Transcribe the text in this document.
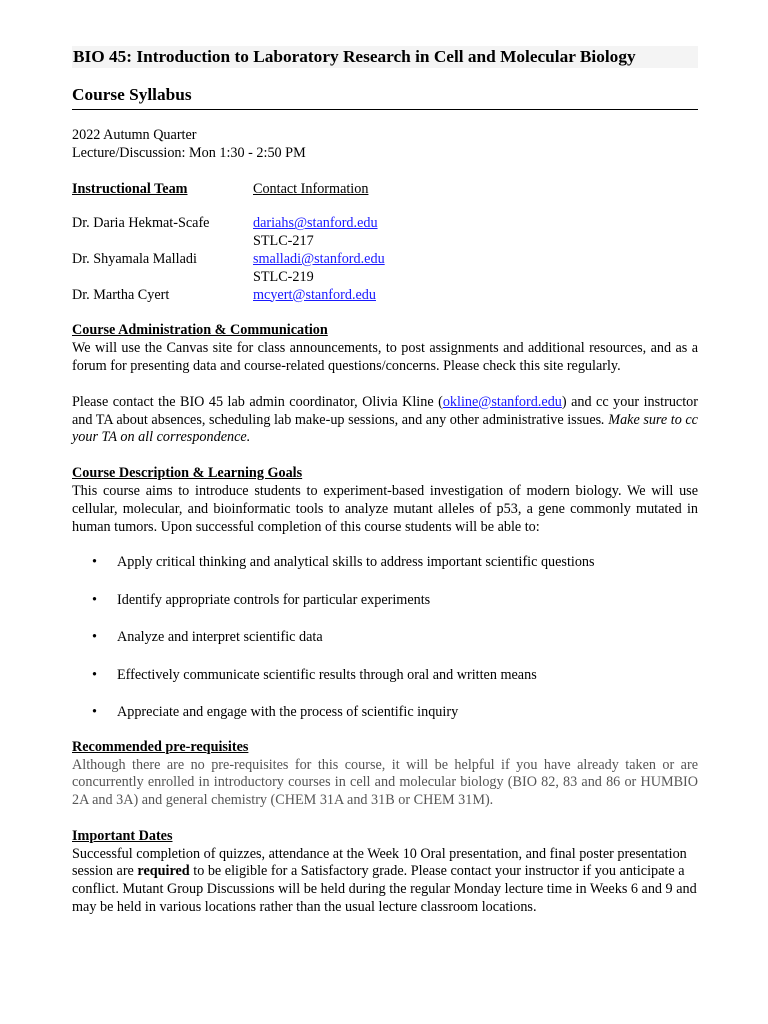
BIO 45: Introduction to Laboratory Research in Cell and Molecular Biology
Course Syllabus
2022 Autumn Quarter
Lecture/Discussion: Mon 1:30 - 2:50 PM
Instructional Team	Contact Information
Dr. Daria Hekmat-Scafe	dariahs@stanford.edu
STLC-217
Dr. Shyamala Malladi	smalladi@stanford.edu
STLC-219
Dr. Martha Cyert	mcyert@stanford.edu
Course Administration & Communication
We will use the Canvas site for class announcements, to post assignments and additional resources, and as a forum for presenting data and course-related questions/concerns. Please check this site regularly.
Please contact the BIO 45 lab admin coordinator, Olivia Kline (okline@stanford.edu) and cc your instructor and TA about absences, scheduling lab make-up sessions, and any other administrative issues. Make sure to cc your TA on all correspondence.
Course Description & Learning Goals
This course aims to introduce students to experiment-based investigation of modern biology. We will use cellular, molecular, and bioinformatic tools to analyze mutant alleles of p53, a gene commonly mutated in human tumors. Upon successful completion of this course students will be able to:
• Apply critical thinking and analytical skills to address important scientific questions
• Identify appropriate controls for particular experiments
• Analyze and interpret scientific data
• Effectively communicate scientific results through oral and written means
• Appreciate and engage with the process of scientific inquiry
Recommended pre-requisites
Although there are no pre-requisites for this course, it will be helpful if you have already taken or are concurrently enrolled in introductory courses in cell and molecular biology (BIO 82, 83 and 86 or HUMBIO 2A and 3A) and general chemistry (CHEM 31A and 31B or CHEM 31M).
Important Dates
Successful completion of quizzes, attendance at the Week 10 Oral presentation, and final poster presentation session are required to be eligible for a Satisfactory grade. Please contact your instructor if you anticipate a conflict. Mutant Group Discussions will be held during the regular Monday lecture time in Weeks 6 and 9 and may be held in various locations rather than the usual lecture classroom locations.
